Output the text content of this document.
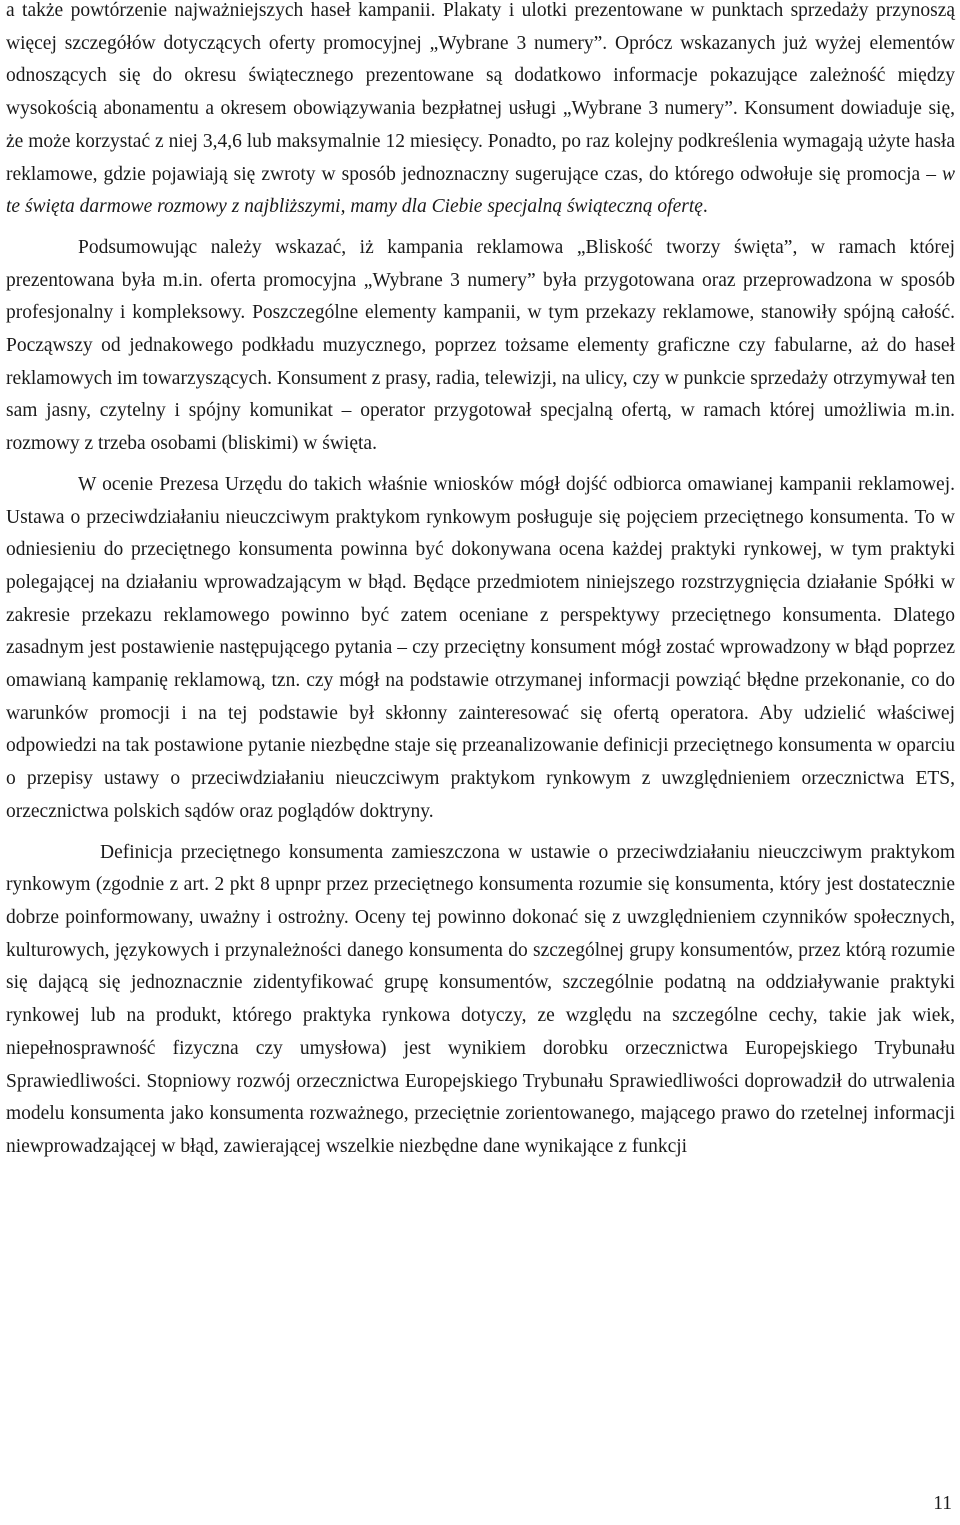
a także powtórzenie najważniejszych haseł kampanii. Plakaty i ulotki prezentowane w punktach sprzedaży przynoszą więcej szczegółów dotyczących oferty promocyjnej „Wybrane 3 numery”. Oprócz wskazanych już wyżej elementów odnoszących się do okresu świątecznego prezentowane są dodatkowo informacje pokazujące zależność między wysokością abonamentu a okresem obowiązywania bezpłatnej usługi „Wybrane 3 numery”. Konsument dowiaduje się, że może korzystać z niej 3,4,6 lub maksymalnie 12 miesięcy. Ponadto, po raz kolejny podkreślenia wymagają użyte hasła reklamowe, gdzie pojawiają się zwroty w sposób jednoznaczny sugerujące czas, do którego odwołuje się promocja – w te święta darmowe rozmowy z najbliższymi, mamy dla Ciebie specjalną świąteczną ofertę.

Podsumowując należy wskazać, iż kampania reklamowa „Bliskość tworzy święta”, w ramach której prezentowana była m.in. oferta promocyjna „Wybrane 3 numery” była przygotowana oraz przeprowadzona w sposób profesjonalny i kompleksowy. Poszczególne elementy kampanii, w tym przekazy reklamowe, stanowiły spójną całość. Począwszy od jednakowego podkładu muzycznego, poprzez tożsame elementy graficzne czy fabularne, aż do haseł reklamowych im towarzyszących. Konsument z prasy, radia, telewizji, na ulicy, czy w punkcie sprzedaży otrzymywał ten sam jasny, czytelny i spójny komunikat – operator przygotował specjalną ofertą, w ramach której umożliwia m.in. rozmowy z trzeba osobami (bliskimi) w święta.

W ocenie Prezesa Urzędu do takich właśnie wniosków mógł dojść odbiorca omawianej kampanii reklamowej. Ustawa o przeciwdziałaniu nieuczciwym praktykom rynkowym posługuje się pojęciem przeciętnego konsumenta. To w odniesieniu do przeciętnego konsumenta powinna być dokonywana ocena każdej praktyki rynkowej, w tym praktyki polegającej na działaniu wprowadzającym w błąd. Będące przedmiotem niniejszego rozstrzygnięcia działanie Spółki w zakresie przekazu reklamowego powinno być zatem oceniane z perspektywy przeciętnego konsumenta. Dlatego zasadnym jest postawienie następującego pytania – czy przeciętny konsument mógł zostać wprowadzony w błąd poprzez omawianą kampanię reklamową, tzn. czy mógł na podstawie otrzymanej informacji powziąć błędne przekonanie, co do warunków promocji i na tej podstawie był skłonny zainteresować się ofertą operatora. Aby udzielić właściwej odpowiedzi na tak postawione pytanie niezbędne staje się przeanalizowanie definicji przeciętnego konsumenta w oparciu o przepisy ustawy o przeciwdziałaniu nieuczciwym praktykom rynkowym z uwzględnieniem orzecznictwa ETS, orzecznictwa polskich sądów oraz poglądów doktryny.

Definicja przeciętnego konsumenta zamieszczona w ustawie o przeciwdziałaniu nieuczciwym praktykom rynkowym (zgodnie z art. 2 pkt 8 upnpr przez przeciętnego konsumenta rozumie się konsumenta, który jest dostatecznie dobrze poinformowany, uważny i ostrożny. Oceny tej powinno dokonać się z uwzględnieniem czynników społecznych, kulturowych, językowych i przynależności danego konsumenta do szczególnej grupy konsumentów, przez którą rozumie się dającą się jednoznacznie zidentyfikować grupę konsumentów, szczególnie podatną na oddziaływanie praktyki rynkowej lub na produkt, którego praktyka rynkowa dotyczy, ze względu na szczególne cechy, takie jak wiek, niepełnosprawność fizyczna czy umysłowa) jest wynikiem dorobku orzecznictwa Europejskiego Trybunału Sprawiedliwości. Stopniowy rozwój orzecznictwa Europejskiego Trybunału Sprawiedliwości doprowadził do utrwalenia modelu konsumenta jako konsumenta rozważnego, przeciętnie zorientowanego, mającego prawo do rzetelnej informacji niewprowadzającej w błąd, zawierającej wszelkie niezbędne dane wynikające z funkcji

11
